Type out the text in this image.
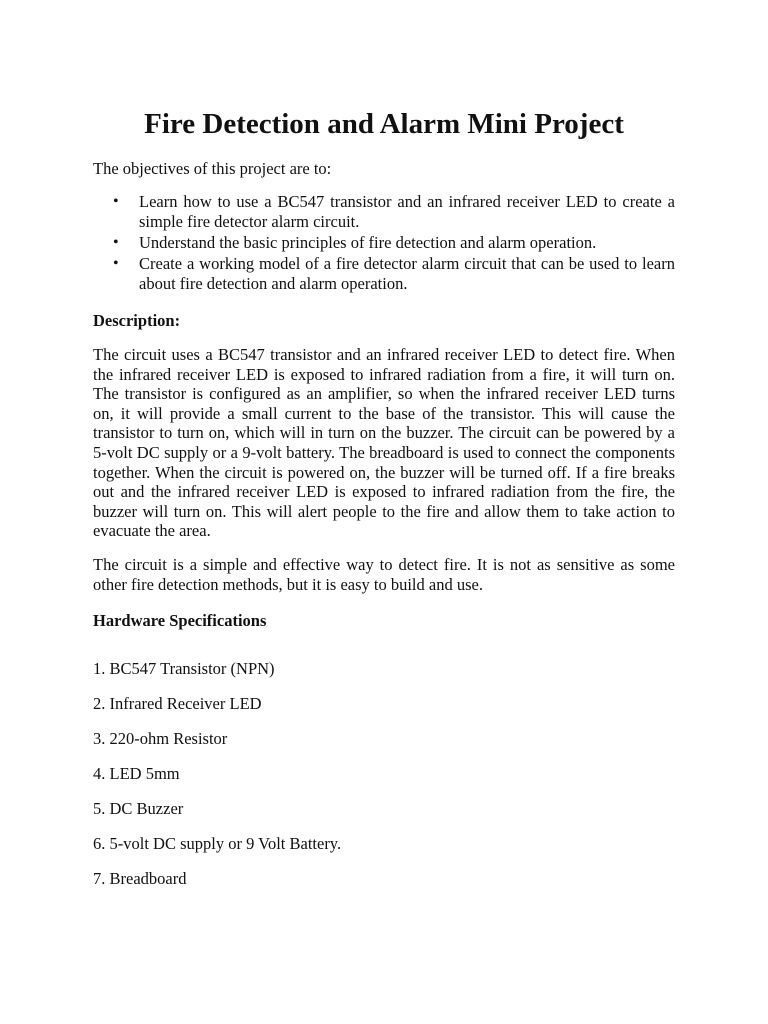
Fire Detection and Alarm Mini Project

The objectives of this project are to:

• Learn how to use a BC547 transistor and an infrared receiver LED to create a simple fire detector alarm circuit.
• Understand the basic principles of fire detection and alarm operation.
• Create a working model of a fire detector alarm circuit that can be used to learn about fire detection and alarm operation.
Description:

The circuit uses a BC547 transistor and an infrared receiver LED to detect fire. When the infrared receiver LED is exposed to infrared radiation from a fire, it will turn on. The transistor is configured as an amplifier, so when the infrared receiver LED turns on, it will provide a small current to the base of the transistor. This will cause the transistor to turn on, which will in turn on the buzzer. The circuit can be powered by a 5-volt DC supply or a 9-volt battery. The breadboard is used to connect the components together. When the circuit is powered on, the buzzer will be turned off. If a fire breaks out and the infrared receiver LED is exposed to infrared radiation from the fire, the buzzer will turn on. This will alert people to the fire and allow them to take action to evacuate the area.

The circuit is a simple and effective way to detect fire. It is not as sensitive as some other fire detection methods, but it is easy to build and use.

Hardware Specifications
1. BC547 Transistor (NPN)
2. Infrared Receiver LED
3. 220-ohm Resistor
4. LED 5mm
5. DC Buzzer
6. 5-volt DC supply or 9 Volt Battery.
7. Breadboard
